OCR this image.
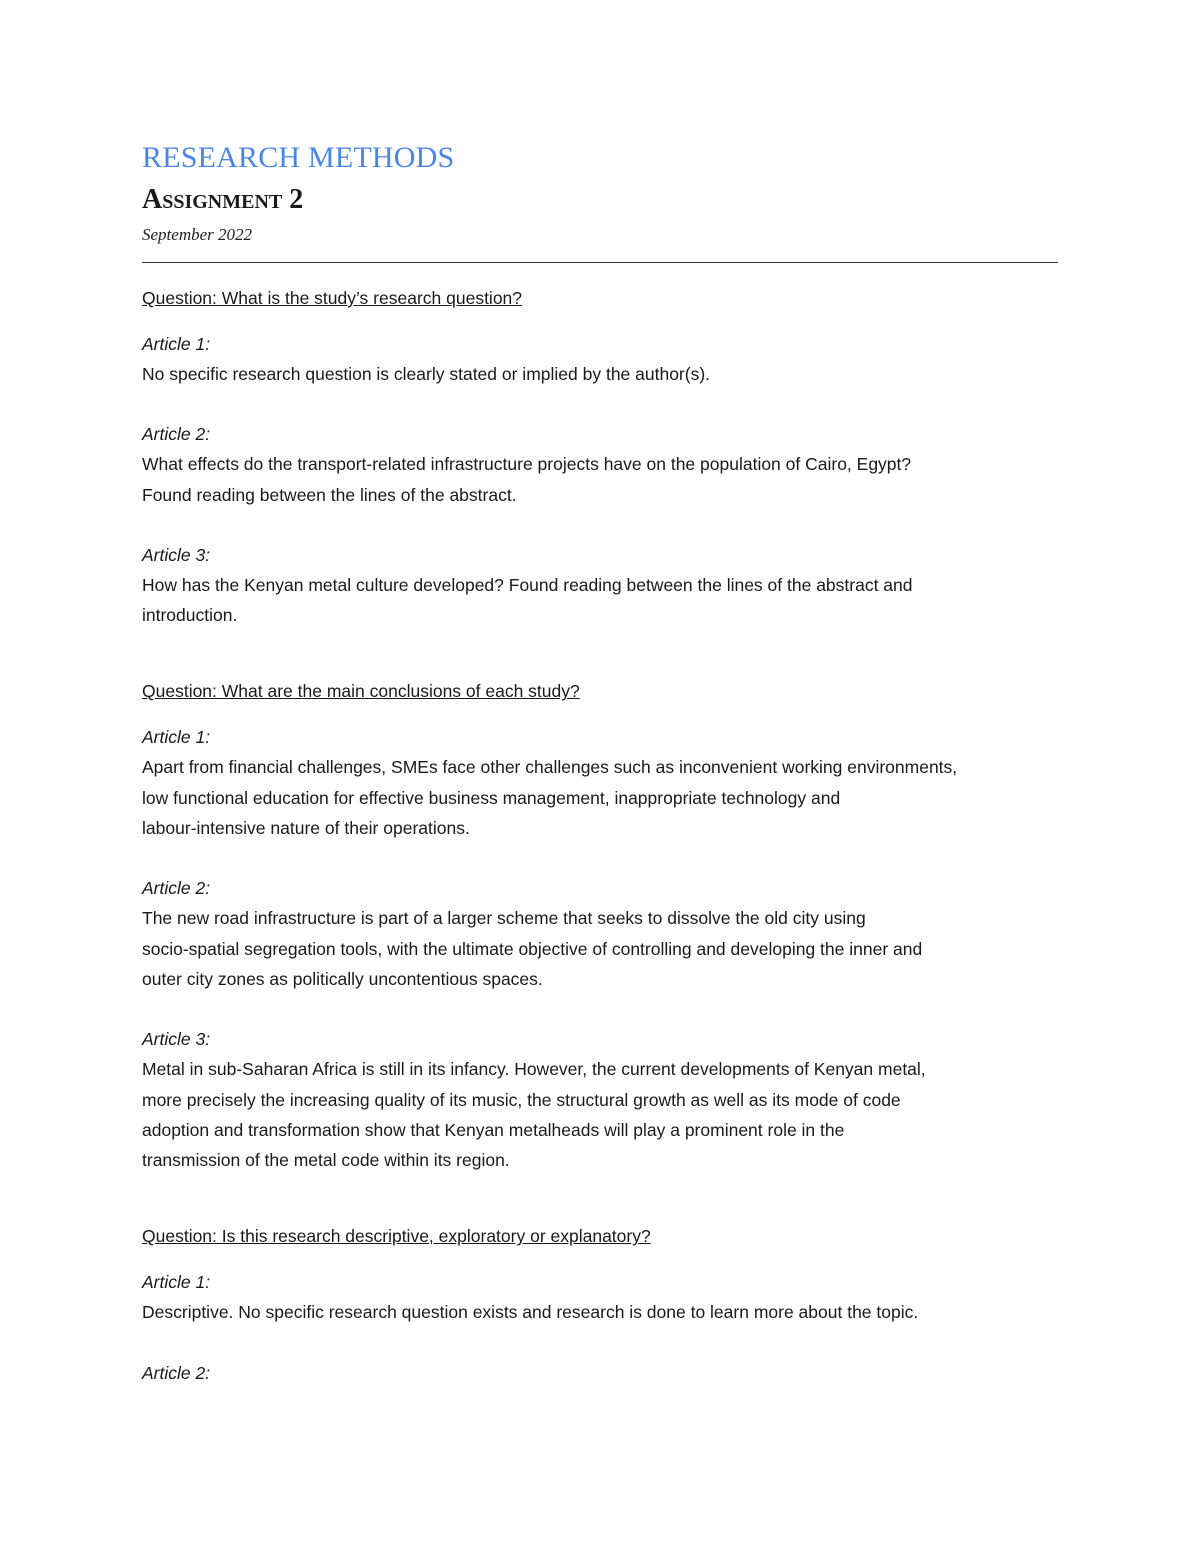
RESEARCH METHODS
Assignment 2

September 2022

Question: What is the study’s research question?

Article 1:

No specific research question is clearly stated or implied by the author(s).

Article 2:

What effects do the transport-related infrastructure projects have on the population of Cairo, Egypt?

Found reading between the lines of the abstract.

Article 3:

How has the Kenyan metal culture developed? Found reading between the lines of the abstract and

introduction.

Question: What are the main conclusions of each study?

Article 1:

Apart from financial challenges, SMEs face other challenges such as inconvenient working environments,

low functional education for effective business management, inappropriate technology and

labour-intensive nature of their operations.

Article 2:

The new road infrastructure is part of a larger scheme that seeks to dissolve the old city using

socio-spatial segregation tools, with the ultimate objective of controlling and developing the inner and

outer city zones as politically uncontentious spaces.

Article 3:

Metal in sub-Saharan Africa is still in its infancy. However, the current developments of Kenyan metal,

more precisely the increasing quality of its music, the structural growth as well as its mode of code

adoption and transformation show that Kenyan metalheads will play a prominent role in the

transmission of the metal code within its region.

Question: Is this research descriptive, exploratory or explanatory?

Article 1:

Descriptive. No specific research question exists and research is done to learn more about the topic.

Article 2:
